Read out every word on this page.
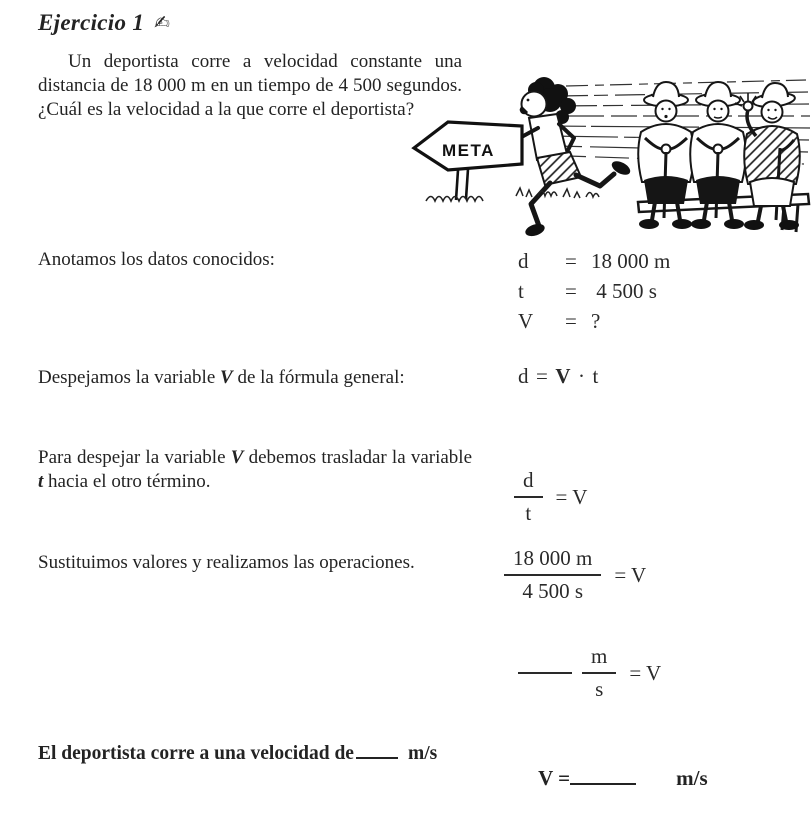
Ejercicio 1 ✍

Un deportista corre a velocidad constante una distancia de 18 000 m en un tiempo de 4 500 segundos. ¿Cuál es la velocidad a la que corre el deportista?

META

Anotamos los datos conocidos:	d	= 18 000 m
t	= 4 500 s
V	= ?

Despejamos la variable V de la fórmula general:	d = V · t

Para despejar la variable V debemos trasladar la variable t hacia el otro término.	$\frac{d}{t} = V$

Sustituimos valores y realizamos las operaciones.	$\frac{18 000 m}{4 500 s} = V$
$\frac{m}{s} = V$

El deportista corre a una velocidad de	m/s

V =	m/s
